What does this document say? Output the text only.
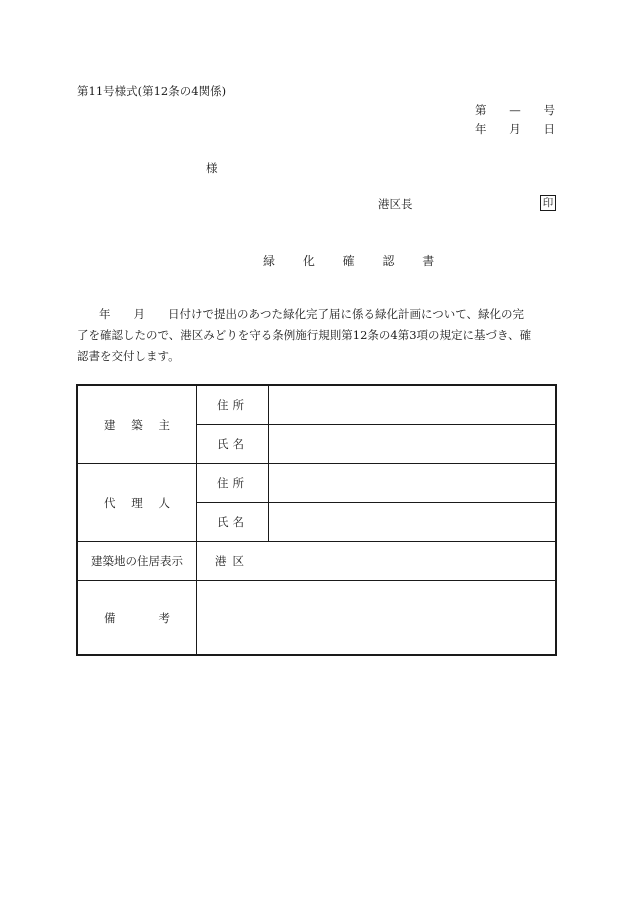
第11号様式(第12条の4関係)
第 — 号
年 月 日
様
港区長	印
緑 化 確 認 書
年　　月　　日付けで提出のあつた緑化完了届に係る緑化計画について、緑化の完
了を確認したので、港区みどりを守る条例施行規則第12条の4第3項の規定に基づき、確
認書を交付します。
建 築 主	住所	
	氏名	

代 理 人	住所	
	氏名	
建築地の住居表示	港区	

備 考		
